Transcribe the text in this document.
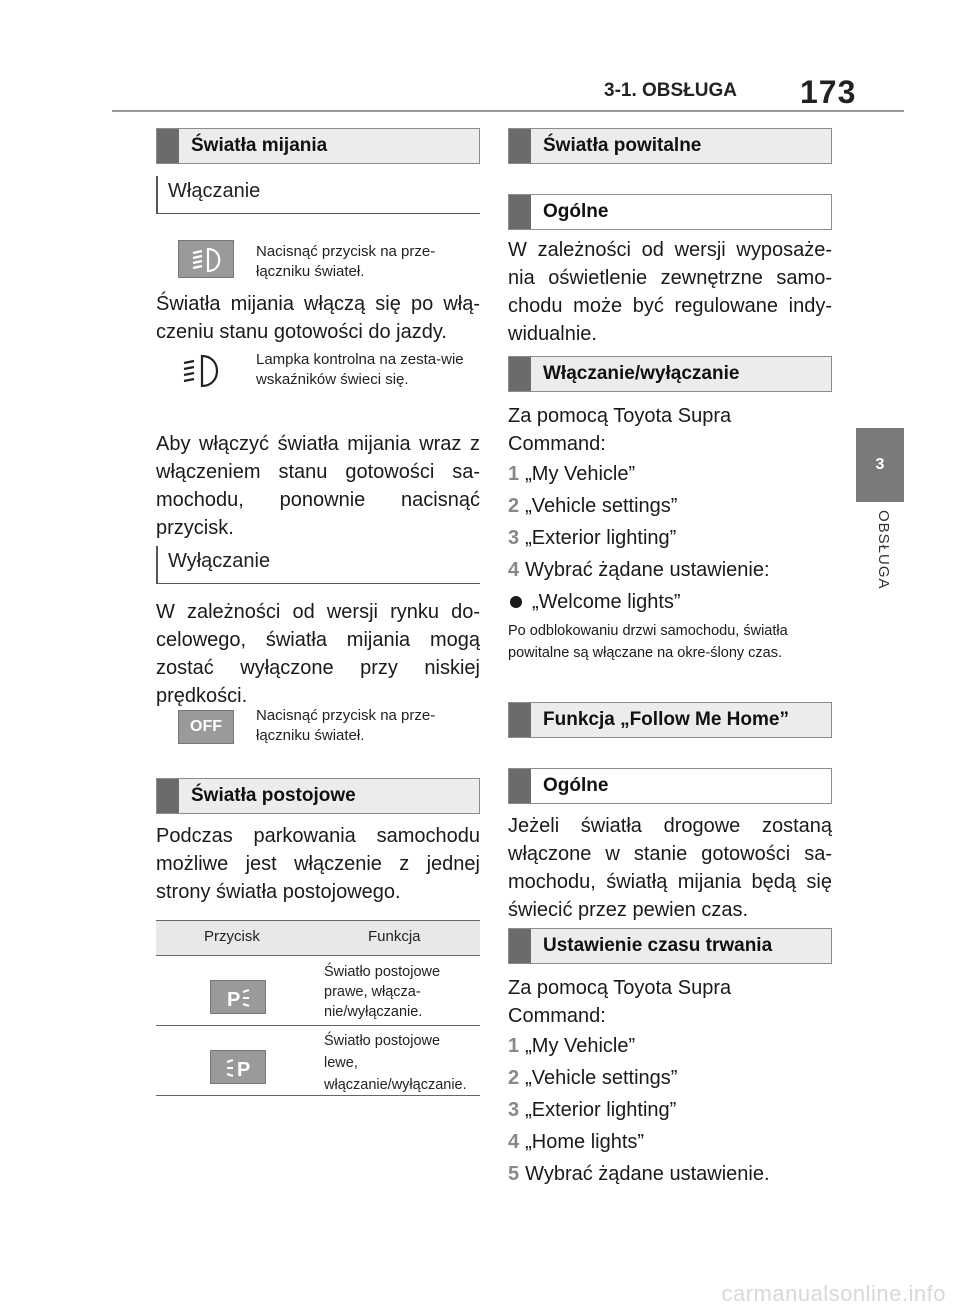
3-1. OBSŁUGA 173
3
OBSŁUGA
Światła mijania
Włączanie
Nacisnąć przycisk na prze-łączniku świateł.
Światła mijania włączą się po włą-czeniu stanu gotowości do jazdy.
Lampka kontrolna na zesta-wie wskaźników świeci się.
Aby włączyć światła mijania wraz z włączeniem stanu gotowości sa-mochodu, ponownie nacisnąć przycisk.
Wyłączanie
W zależności od wersji rynku do-celowego, światła mijania mogą zostać wyłączone przy niskiej prędkości.
OFF
Nacisnąć przycisk na prze-łączniku świateł.
Światła postojowe
Podczas parkowania samochodu możliwe jest włączenie z jednej strony światła postojowego.
Przycisk	Funkcja
P
Światło postojowe prawe, włącza-nie/wyłączanie.
P
Światło postojowe lewe, włączanie/wyłączanie.
Światła powitalne
Ogólne
W zależności od wersji wyposaże-nia oświetlenie zewnętrzne samo-chodu może być regulowane indy-widualnie.
Włączanie/wyłączanie
Za pomocą Toyota Supra Command:
1 „My Vehicle”
2 „Vehicle settings”
3 „Exterior lighting”
4 Wybrać żądane ustawienie:
„Welcome lights”
Po odblokowaniu drzwi samochodu, światła powitalne są włączane na okre-ślony czas.
Funkcja „Follow Me Home”
Ogólne
Jeżeli światła drogowe zostaną włączone w stanie gotowości sa-mochodu, światłą mijania będą się świecić przez pewien czas.
Ustawienie czasu trwania
Za pomocą Toyota Supra Command:
1 „My Vehicle”
2 „Vehicle settings”
3 „Exterior lighting”
4 „Home lights”
5 Wybrać żądane ustawienie.
carmanualsonline.info
